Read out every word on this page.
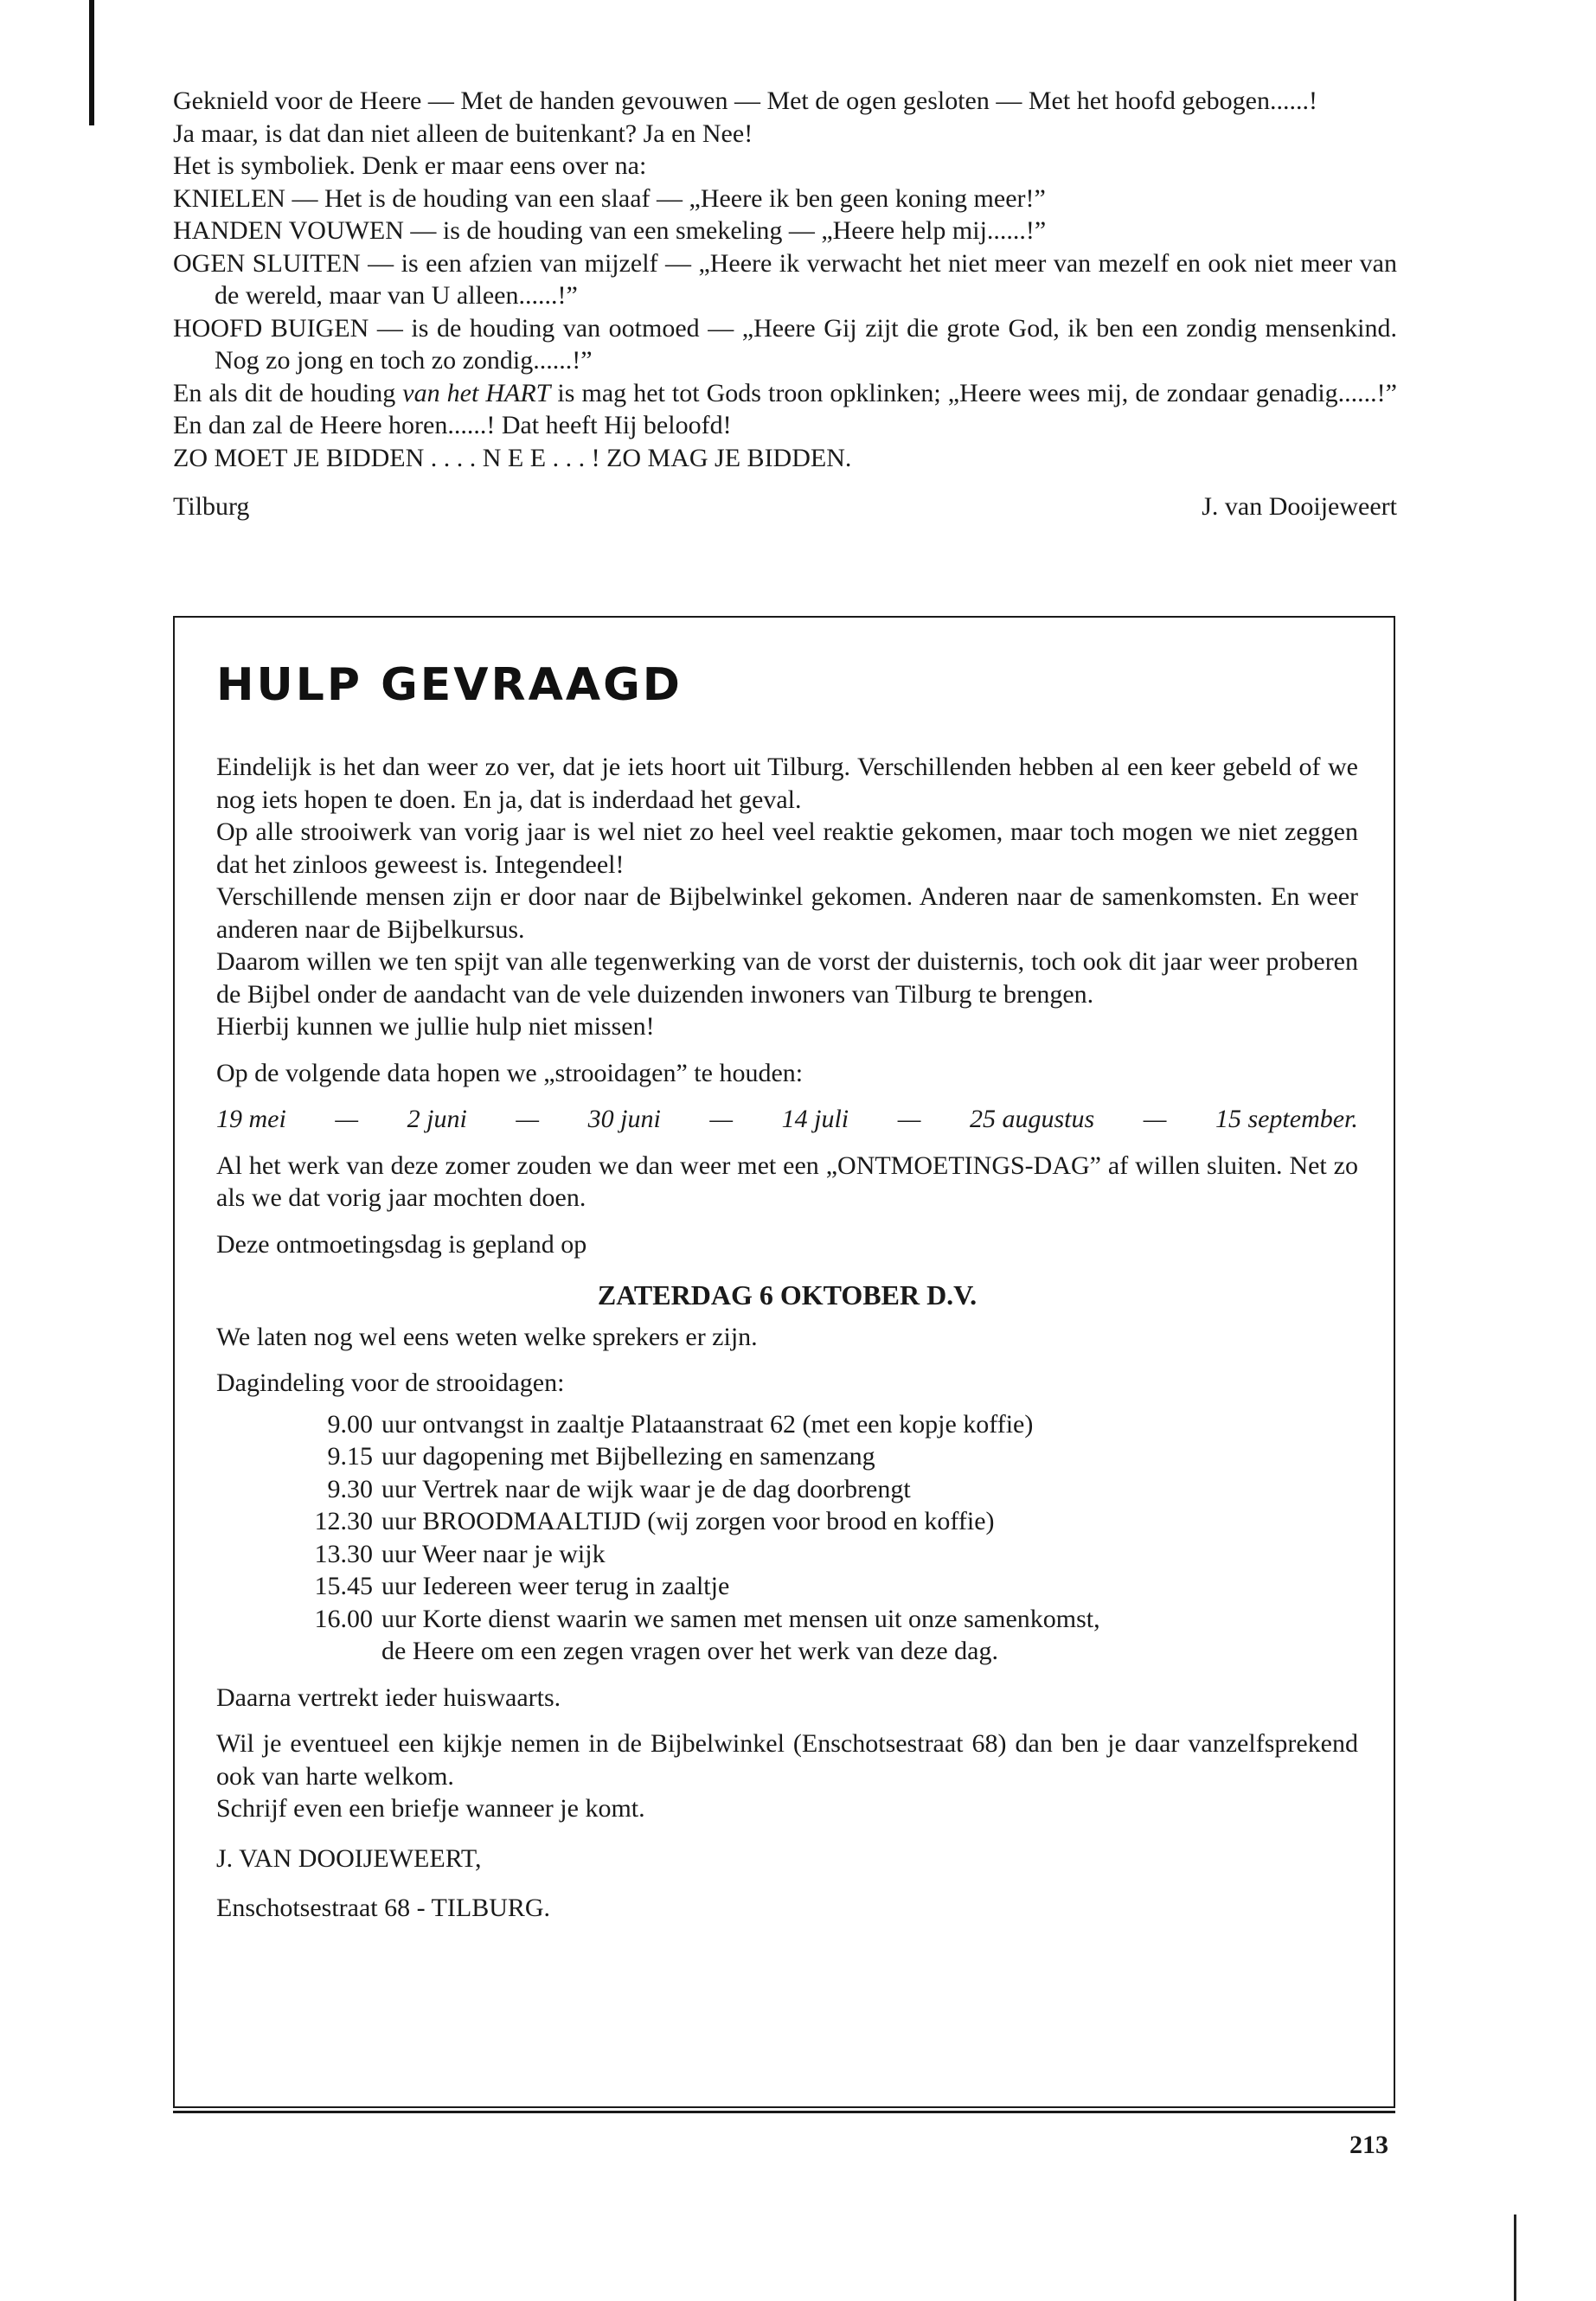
Geknield voor de Heere — Met de handen gevouwen — Met de ogen gesloten — Met het hoofd gebogen......!

Ja maar, is dat dan niet alleen de buitenkant? Ja en Nee!

Het is symboliek. Denk er maar eens over na:

KNIELEN — Het is de houding van een slaaf — „Heere ik ben geen koning meer!”

HANDEN VOUWEN — is de houding van een smekeling — „Heere help mij......!”

OGEN SLUITEN — is een afzien van mijzelf — „Heere ik verwacht het niet meer van mezelf en ook niet meer van de wereld, maar van U alleen......!”

HOOFD BUIGEN — is de houding van ootmoed — „Heere Gij zijt die grote God, ik ben een zondig mensenkind. Nog zo jong en toch zo zondig......!”

En als dit de houding van het HART is mag het tot Gods troon opklinken; „Heere wees mij, de zondaar genadig......!” En dan zal de Heere horen......! Dat heeft Hij beloofd!

ZO MOET JE BIDDEN . . . . N E E . . . ! ZO MAG JE BIDDEN.

Tilburg	J. van Dooijeweert
HULP GEVRAAGD

Eindelijk is het dan weer zo ver, dat je iets hoort uit Tilburg. Verschillenden hebben al een keer gebeld of we nog iets hopen te doen. En ja, dat is inderdaad het geval.

Op alle strooiwerk van vorig jaar is wel niet zo heel veel reaktie gekomen, maar toch mogen we niet zeggen dat het zinloos geweest is. Integendeel!

Verschillende mensen zijn er door naar de Bijbelwinkel gekomen. Anderen naar de samenkomsten. En weer anderen naar de Bijbelkursus.

Daarom willen we ten spijt van alle tegenwerking van de vorst der duisternis, toch ook dit jaar weer proberen de Bijbel onder de aandacht van de vele duizenden inwoners van Tilburg te brengen.

Hierbij kunnen we jullie hulp niet missen!

Op de volgende data hopen we „strooidagen” te houden:

19 mei — 2 juni — 30 juni — 14 juli — 25 augustus — 15 september.

Al het werk van deze zomer zouden we dan weer met een „ONTMOETINGS-DAG” af willen sluiten. Net zo als we dat vorig jaar mochten doen.

Deze ontmoetingsdag is gepland op

ZATERDAG 6 OKTOBER D.V.

We laten nog wel eens weten welke sprekers er zijn.

Dagindeling voor de strooidagen:

9.00 uur ontvangst in zaaltje Plataanstraat 62 (met een kopje koffie)
9.15 uur dagopening met Bijbellezing en samenzang
9.30 uur Vertrek naar de wijk waar je de dag doorbrengt
12.30 uur BROODMAALTIJD (wij zorgen voor brood en koffie)
13.30 uur Weer naar je wijk
15.45 uur Iedereen weer terug in zaaltje
16.00 uur Korte dienst waarin we samen met mensen uit onze samenkomst,
de Heere om een zegen vragen over het werk van deze dag.

Daarna vertrekt ieder huiswaarts.

Wil je eventueel een kijkje nemen in de Bijbelwinkel (Enschotsestraat 68) dan ben je daar vanzelfsprekend ook van harte welkom.

Schrijf even een briefje wanneer je komt.

J. VAN DOOIJEWEERT,

Enschotsestraat 68 - TILBURG.

213
